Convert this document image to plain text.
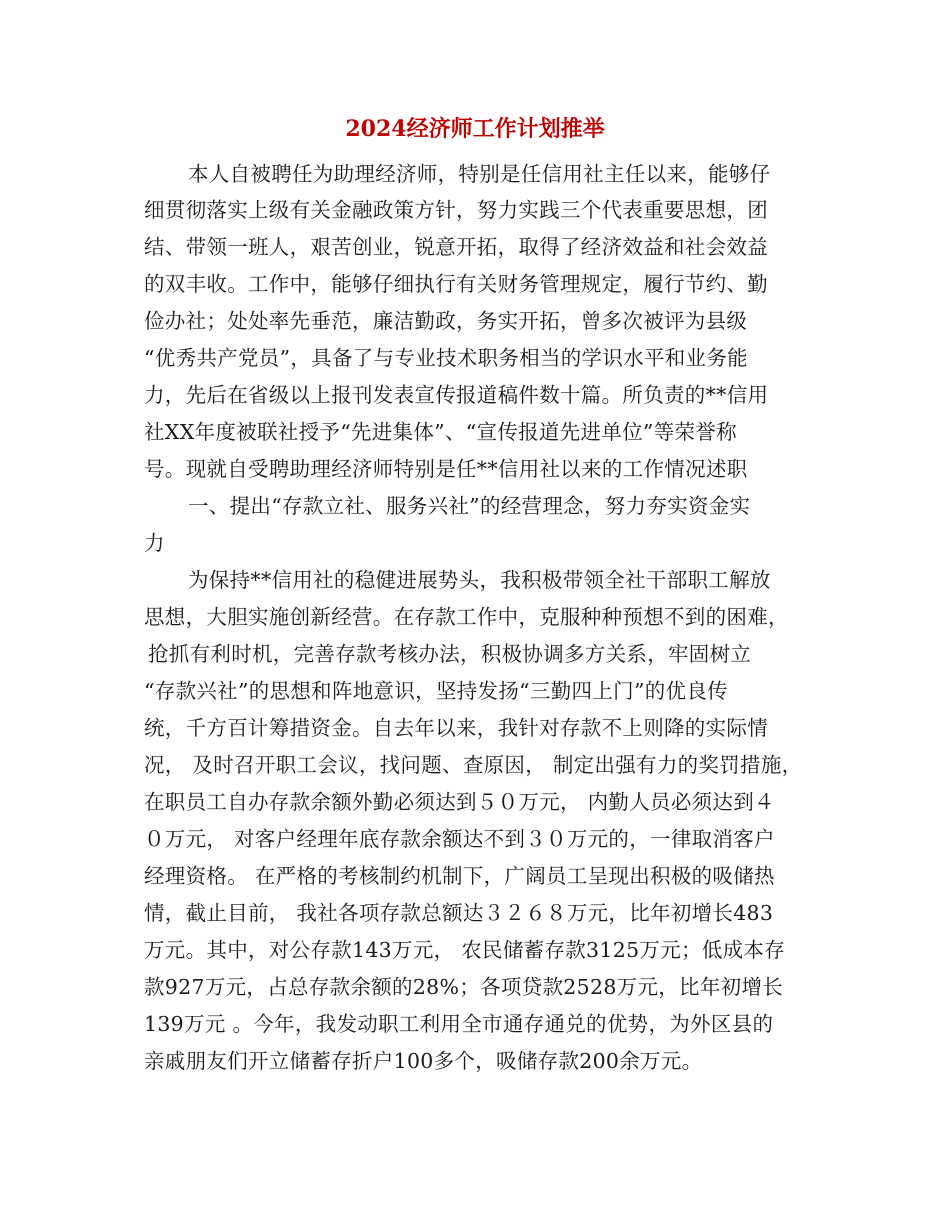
2024经济师工作计划推举
本人自被聘任为助理经济师，特别是任信用社主任以来，能够仔
细贯彻落实上级有关金融政策方针，努力实践三个代表重要思想，团
结、带领一班人，艰苦创业，锐意开拓，取得了经济效益和社会效益
的双丰收。工作中，能够仔细执行有关财务管理规定，履行节约、勤
俭办社；处处率先垂范，廉洁勤政，务实开拓，曾多次被评为县级
“优秀共产党员”，具备了与专业技术职务相当的学识水平和业务能
力，先后在省级以上报刊发表宣传报道稿件数十篇。所负责的**信用
社XX年度被联社授予“先进集体”、“宣传报道先进单位”等荣誉称
号。现就自受聘助理经济师特别是任**信用社以来的工作情况述职
一、提出“存款立社、服务兴社”的经营理念，努力夯实资金实
力
为保持**信用社的稳健进展势头，我积极带领全社干部职工解放
思想，大胆实施创新经营。在存款工作中，克服种种预想不到的困难，
抢抓有利时机，完善存款考核办法，积极协调多方关系，牢固树立
“存款兴社”的思想和阵地意识，坚持发扬“三勤四上门”的优良传
统，千方百计筹措资金。自去年以来，我针对存款不上则降的实际情
况， 及时召开职工会议，找问题、查原因， 制定出强有力的奖罚措施，
在职员工自办存款余额外勤必须达到５０万元， 内勤人员必须达到４
０万元， 对客户经理年底存款余额达不到３０万元的，一律取消客户
经理资格。 在严格的考核制约机制下，广阔员工呈现出积极的吸储热
情，截止目前， 我社各项存款总额达３２６８万元，比年初增长483
万元。其中，对公存款143万元， 农民储蓄存款3125万元；低成本存
款927万元，占总存款余额的28%；各项贷款2528万元，比年初增长
139万元 。今年，我发动职工利用全市通存通兑的优势，为外区县的
亲戚朋友们开立储蓄存折户100多个，吸储存款200余万元。
